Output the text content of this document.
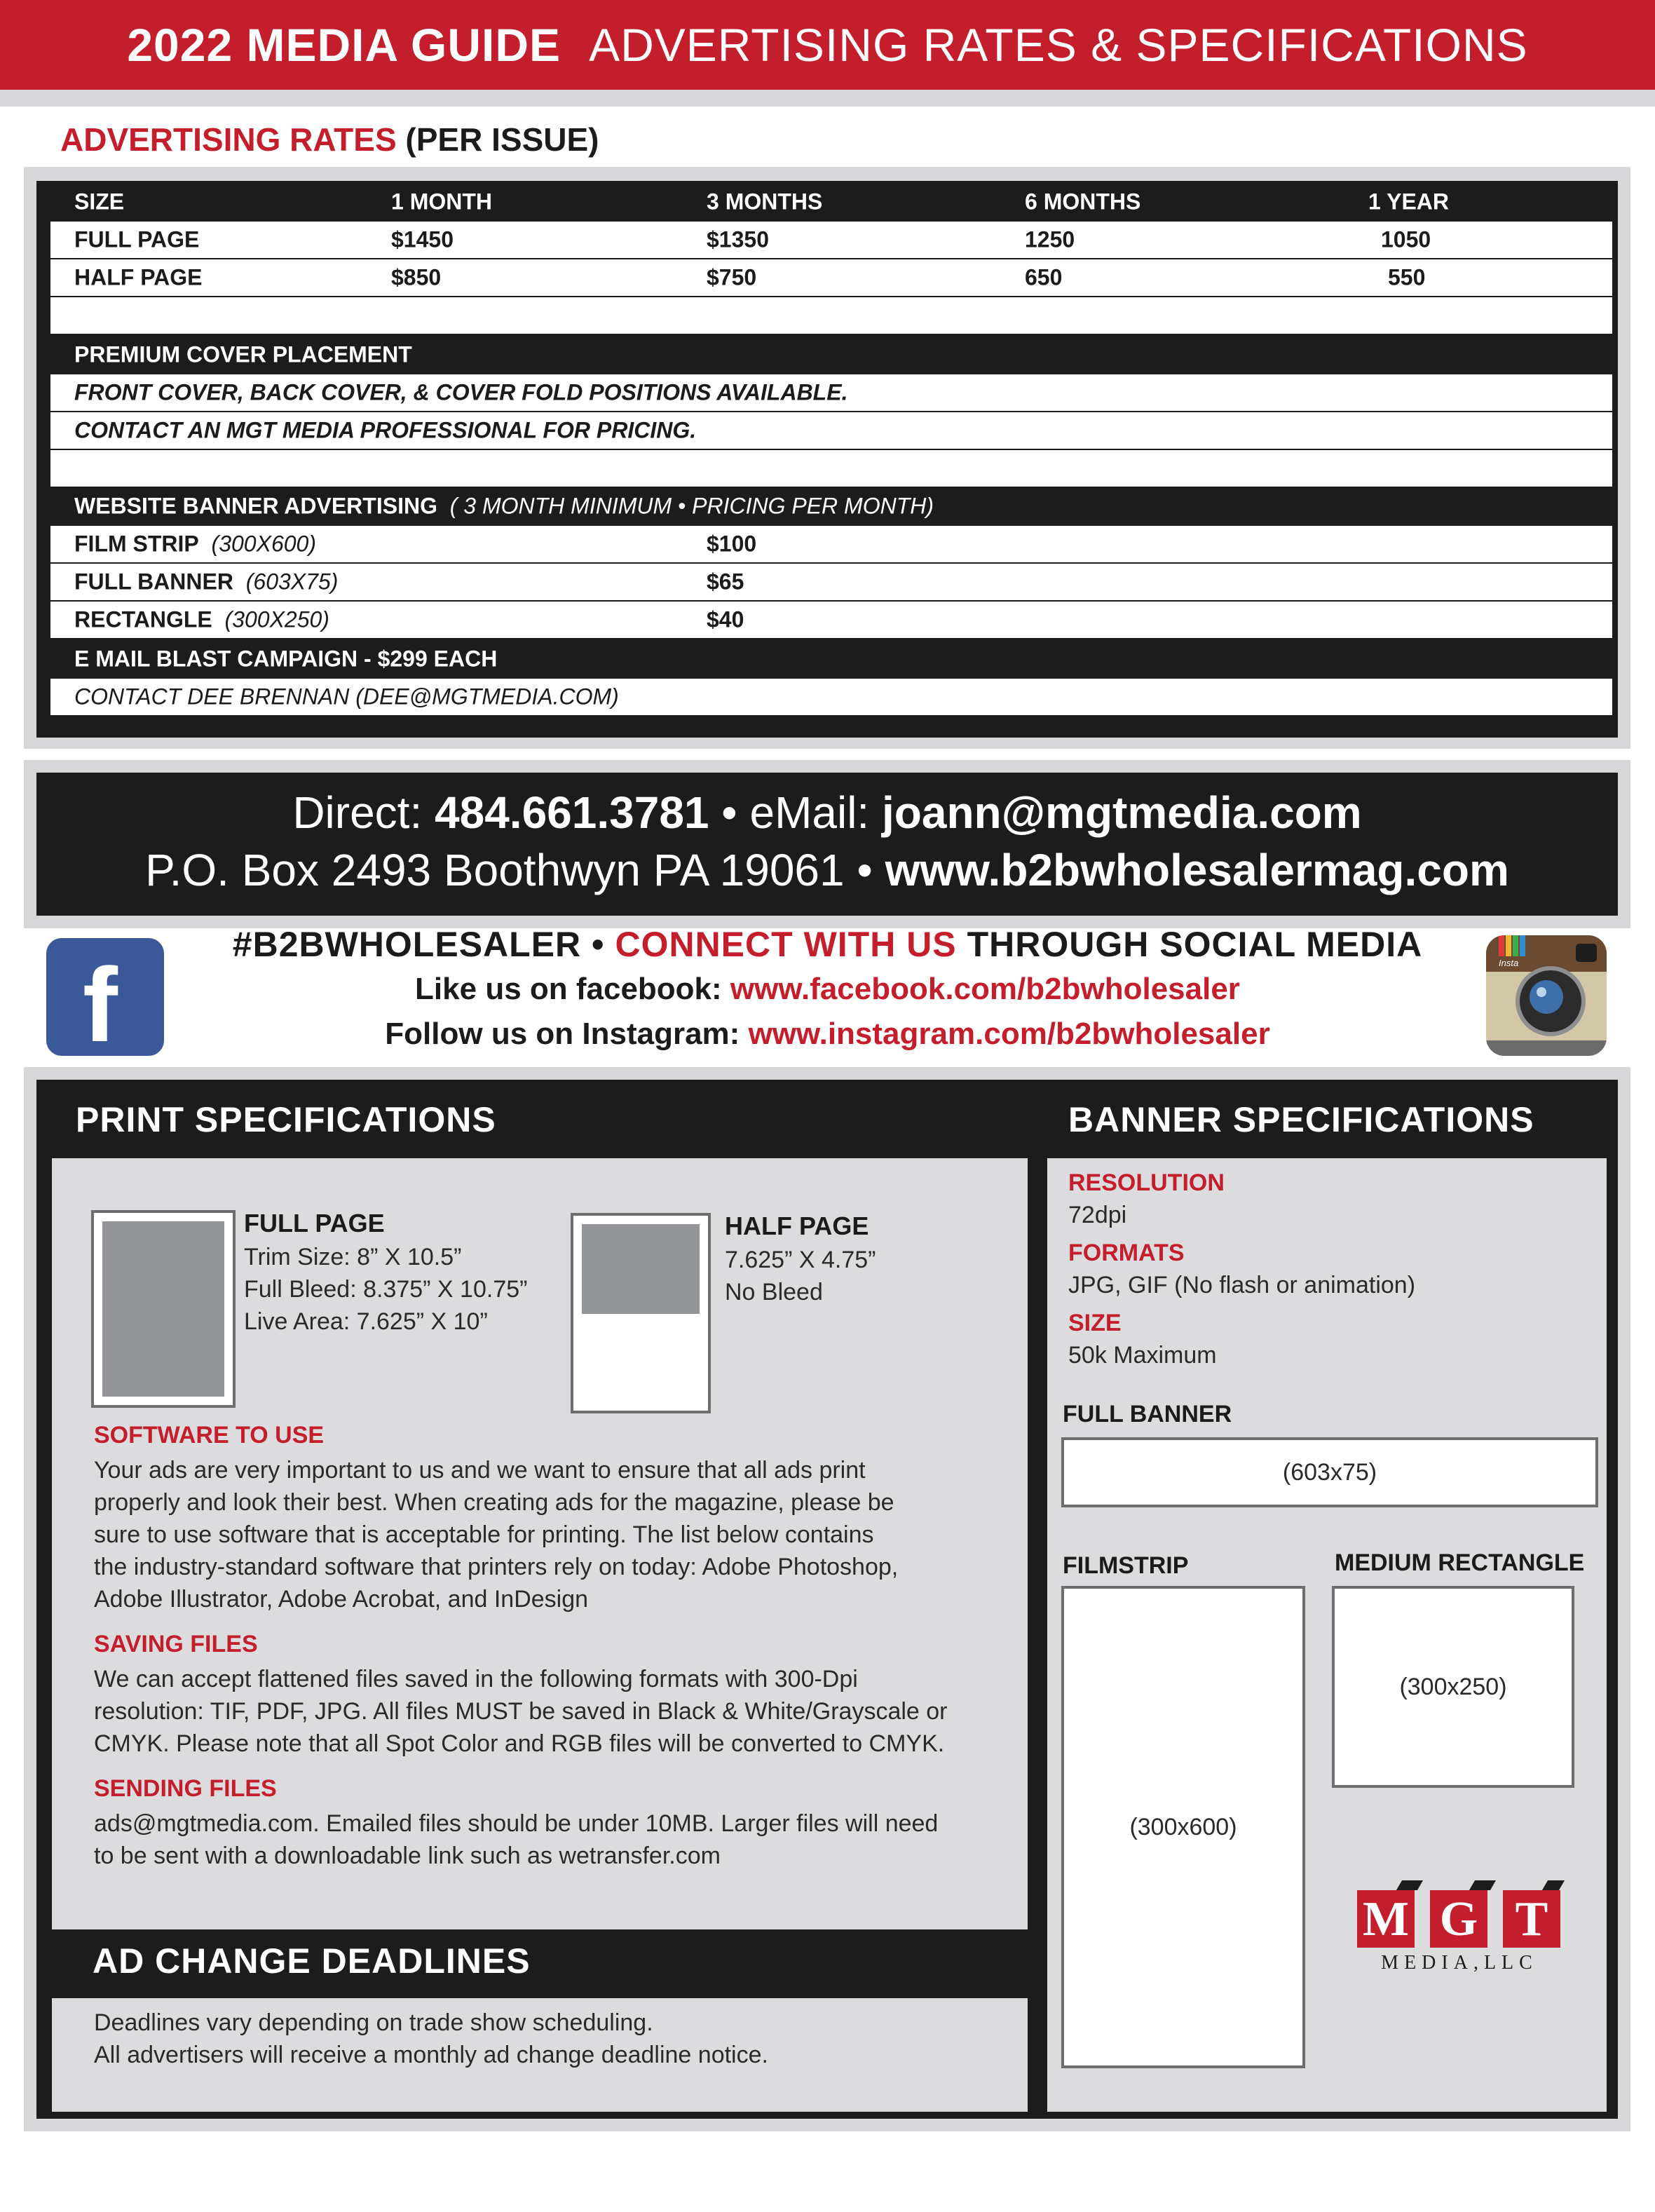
2022 MEDIA GUIDE ADVERTISING RATES & SPECIFICATIONS
ADVERTISING RATES (PER ISSUE)
SIZE	1 MONTH	3 MONTHS	6 MONTHS	1 YEAR
FULL PAGE	$1450	$1350	1250	1050
HALF PAGE	$850	$750	650	550
PREMIUM COVER PLACEMENT
FRONT COVER, BACK COVER, & COVER FOLD POSITIONS AVAILABLE.
CONTACT AN MGT MEDIA PROFESSIONAL FOR PRICING.
WEBSITE BANNER ADVERTISING ( 3 MONTH MINIMUM • PRICING PER MONTH)
FILM STRIP (300X600)	$100
FULL BANNER (603X75)	$65
RECTANGLE (300X250)	$40
E MAIL BLAST CAMPAIGN - $299 EACH
CONTACT DEE BRENNAN (DEE@MGTMEDIA.COM)
Direct: 484.661.3781 • eMail: joann@mgtmedia.com
P.O. Box 2493 Boothwyn PA 19061 • www.b2bwholesalermag.com
f	Insta
#B2BWHOLESALER • CONNECT WITH US THROUGH SOCIAL MEDIA
Like us on facebook: www.facebook.com/b2bwholesaler
Follow us on Instagram: www.instagram.com/b2bwholesaler
PRINT SPECIFICATIONS	BANNER SPECIFICATIONS
FULL PAGE
Trim Size: 8” X 10.5”
Full Bleed: 8.375” X 10.75”
Live Area: 7.625” X 10”
HALF PAGE
7.625” X 4.75”
No Bleed
SOFTWARE TO USE
Your ads are very important to us and we want to ensure that all ads print
properly and look their best. When creating ads for the magazine, please be
sure to use software that is acceptable for printing. The list below contains
the industry-standard software that printers rely on today: Adobe Photoshop,
Adobe Illustrator, Adobe Acrobat, and InDesign
SAVING FILES
We can accept flattened files saved in the following formats with 300-Dpi
resolution: TIF, PDF, JPG. All files MUST be saved in Black & White/Grayscale or
CMYK. Please note that all Spot Color and RGB files will be converted to CMYK.
SENDING FILES
ads@mgtmedia.com. Emailed files should be under 10MB. Larger files will need
to be sent with a downloadable link such as wetransfer.com
AD CHANGE DEADLINES
Deadlines vary depending on trade show scheduling.
All advertisers will receive a monthly ad change deadline notice.
RESOLUTION
72dpi
FORMATS
JPG, GIF (No flash or animation)
SIZE
50k Maximum
FULL BANNER
(603x75)
FILMSTRIP
(300x600)
MEDIUM RECTANGLE
(300x250)
M G T
MEDIA,LLC
